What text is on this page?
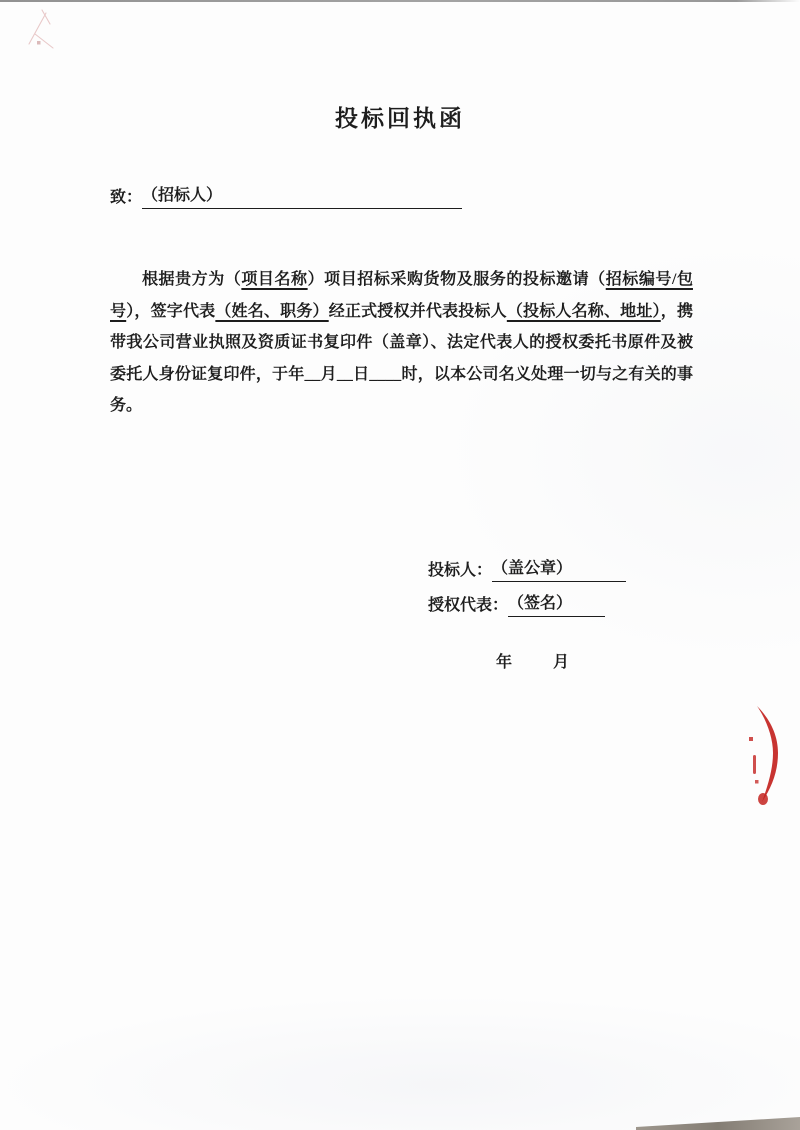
投标回执函
致：（招标人）
根据贵方为（项目名称）项目招标采购货物及服务的投标邀请（招标编号/包号），签字代表（姓名、职务）经正式授权并代表投标人（投标人名称、地址），携带我公司营业执照及资质证书复印件（盖章）、法定代表人的授权委托书原件及被委托人身份证复印件，于年__月__日____时，以本公司名义处理一切与之有关的事务。
投标人：（盖公章）
授权代表：（签名）
年	月
